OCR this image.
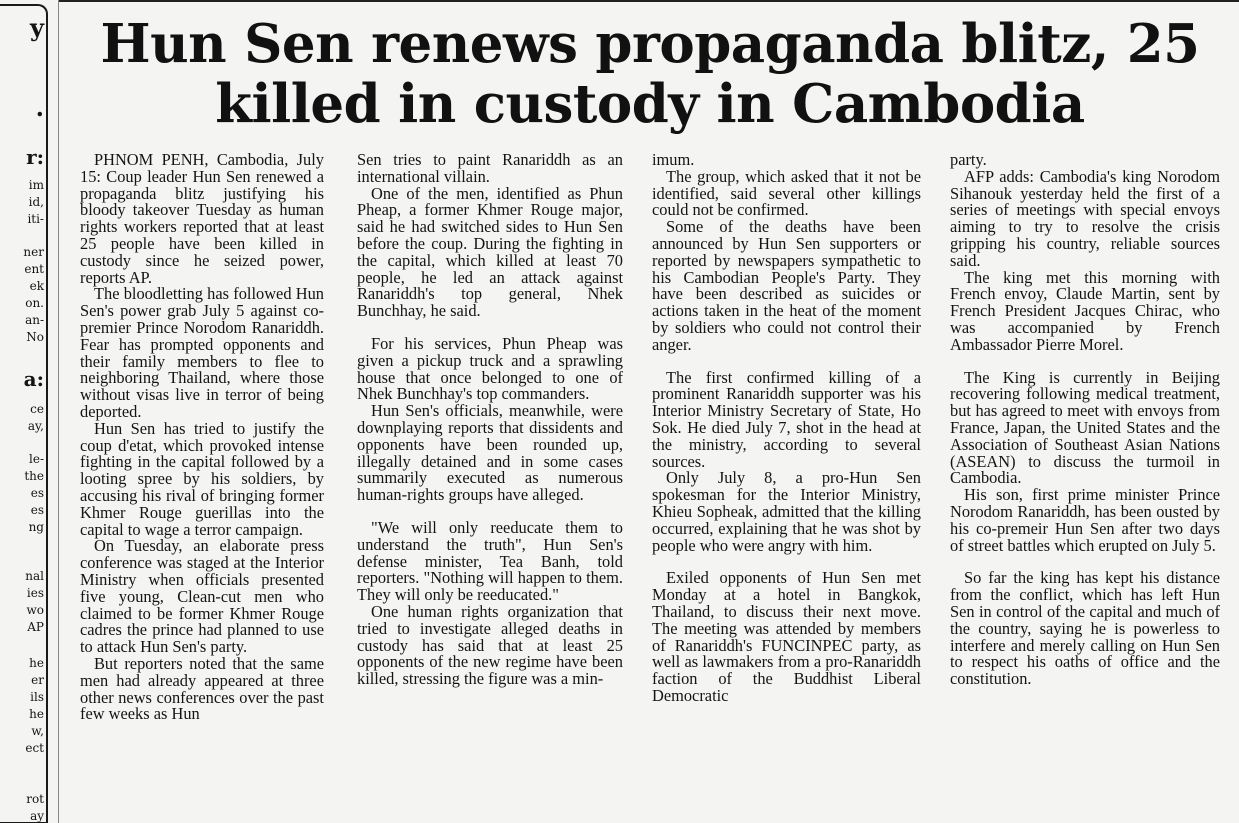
y
.
r:
im
id,
iti-
ner
ent
ek
on.
an-
No
a:
ce
ay,
le-
the
es
es
ng
nal
ies
wo
AP
he
er
ils
he
w,
ect
rot
ay
Hun Sen renews propaganda blitz, 25 killed in custody in Cambodia

PHNOM PENH, Cambodia, July 15: Coup leader Hun Sen renewed a propaganda blitz justifying his bloody takeover Tuesday as human rights workers reported that at least 25 people have been killed in custody since he seized power, reports AP.

The bloodletting has followed Hun Sen's power grab July 5 against co-premier Prince Norodom Ranariddh. Fear has prompted opponents and their family members to flee to neighboring Thailand, where those without visas live in terror of being deported.

Hun Sen has tried to justify the coup d'etat, which provoked intense fighting in the capital followed by a looting spree by his soldiers, by accusing his rival of bringing former Khmer Rouge guerillas into the capital to wage a terror campaign.

On Tuesday, an elaborate press conference was staged at the Interior Ministry when officials presented five young, Clean-cut men who claimed to be former Khmer Rouge cadres the prince had planned to use to attack Hun Sen's party.

But reporters noted that the same men had already appeared at three other news conferences over the past few weeks as Hun

Sen tries to paint Ranariddh as an international villain.

One of the men, identified as Phun Pheap, a former Khmer Rouge major, said he had switched sides to Hun Sen before the coup. During the fighting in the capital, which killed at least 70 people, he led an attack against Ranariddh's top general, Nhek Bunchhay, he said.

For his services, Phun Pheap was given a pickup truck and a sprawling house that once belonged to one of Nhek Bunchhay's top commanders.

Hun Sen's officials, meanwhile, were downplaying reports that dissidents and opponents have been rounded up, illegally detained and in some cases summarily executed as numerous human-rights groups have alleged.

"We will only reeducate them to understand the truth", Hun Sen's defense minister, Tea Banh, told reporters. "Nothing will happen to them. They will only be reeducated."

One human rights organization that tried to investigate alleged deaths in custody has said that at least 25 opponents of the new regime have been killed, stressing the figure was a min-

imum.

The group, which asked that it not be identified, said several other killings could not be confirmed.

Some of the deaths have been announced by Hun Sen supporters or reported by newspapers sympathetic to his Cambodian People's Party. They have been described as suicides or actions taken in the heat of the moment by soldiers who could not control their anger.

The first confirmed killing of a prominent Ranariddh supporter was his Interior Ministry Secretary of State, Ho Sok. He died July 7, shot in the head at the ministry, according to several sources.

Only July 8, a pro-Hun Sen spokesman for the Interior Ministry, Khieu Sopheak, admitted that the killing occurred, explaining that he was shot by people who were angry with him.

Exiled opponents of Hun Sen met Monday at a hotel in Bangkok, Thailand, to discuss their next move. The meeting was attended by members of Ranariddh's FUNCINPEC party, as well as lawmakers from a pro-Ranariddh faction of the Buddhist Liberal Democratic

party.

AFP adds: Cambodia's king Norodom Sihanouk yesterday held the first of a series of meetings with special envoys aiming to try to resolve the crisis gripping his country, reliable sources said.

The king met this morning with French envoy, Claude Martin, sent by French President Jacques Chirac, who was accompanied by French Ambassador Pierre Morel.

The King is currently in Beijing recovering following medical treatment, but has agreed to meet with envoys from France, Japan, the United States and the Association of Southeast Asian Nations (ASEAN) to discuss the turmoil in Cambodia.

His son, first prime minister Prince Norodom Ranariddh, has been ousted by his co-premeir Hun Sen after two days of street battles which erupted on July 5.

So far the king has kept his distance from the conflict, which has left Hun Sen in control of the capital and much of the country, saying he is powerless to interfere and merely calling on Hun Sen to respect his oaths of office and the constitution.
